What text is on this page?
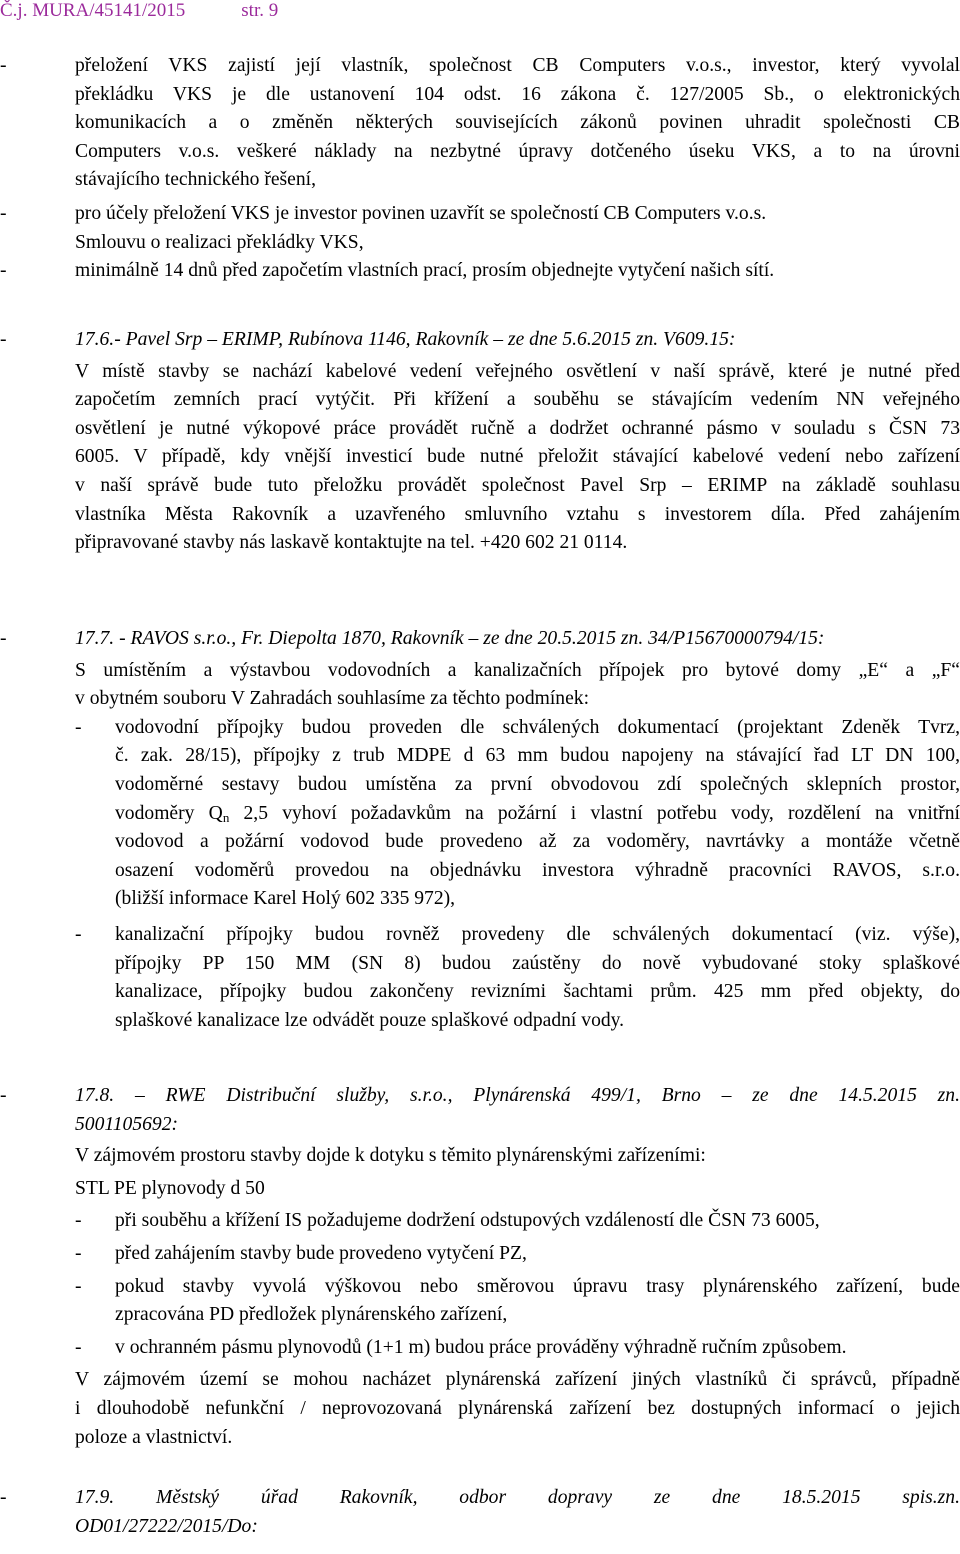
Č.j. MURA/45141/2015	str. 9
-	přeložení VKS zajistí její vlastník, společnost CB Computers v.o.s., investor, který vyvolal
překládku VKS je dle ustanovení 104 odst. 16 zákona č. 127/2005 Sb., o elektronických
komunikacích a o změněn některých souvisejících zákonů povinen uhradit společnosti CB
Computers v.o.s. veškeré náklady na nezbytné úpravy dotčeného úseku VKS, a to na úrovni
stávajícího technického řešení,
-	pro účely přeložení VKS je investor povinen uzavřít se společností CB Computers v.o.s.
Smlouvu o realizaci překládky VKS,
-	minimálně 14 dnů před započetím vlastních prací, prosím objednejte vytyčení našich sítí.
-	17.6.- Pavel Srp – ERIMP, Rubínova 1146, Rakovník – ze dne 5.6.2015 zn. V609.15:
V místě stavby se nachází kabelové vedení veřejného osvětlení v naší správě, které je nutné před
započetím zemních prací vytýčit. Při křížení a souběhu se stávajícím vedením NN veřejného
osvětlení je nutné výkopové práce provádět ručně a dodržet ochranné pásmo v souladu s ČSN 73
6005. V případě, kdy vnější investicí bude nutné přeložit stávající kabelové vedení nebo zařízení
v naší správě bude tuto přeložku provádět společnost Pavel Srp – ERIMP na základě souhlasu
vlastníka Města Rakovník a uzavřeného smluvního vztahu s investorem díla. Před zahájením
připravované stavby nás laskavě kontaktujte na tel. +420 602 21 0114.
-	17.7. - RAVOS s.r.o., Fr. Diepolta 1870, Rakovník – ze dne 20.5.2015 zn. 34/P15670000794/15:
S umístěním a výstavbou vodovodních a kanalizačních přípojek pro bytové domy „E“ a „F“
v obytném souboru V Zahradách souhlasíme za těchto podmínek:
-	vodovodní přípojky budou proveden dle schválených dokumentací (projektant Zdeněk Tvrz,
č. zak. 28/15), přípojky z trub MDPE d 63 mm budou napojeny na stávající řad LT DN 100,
vodoměrné sestavy budou umístěna za první obvodovou zdí společných sklepních prostor,
vodoměry $Q_n$ 2,5 vyhoví požadavkům na požární i vlastní potřebu vody, rozdělení na vnitřní
vodovod a požární vodovod bude provedeno až za vodoměry, navrtávky a montáže včetně
osazení vodoměrů provedou na objednávku investora výhradně pracovníci RAVOS, s.r.o.
(bližší informace Karel Holý 602 335 972),
-	kanalizační přípojky budou rovněž provedeny dle schválených dokumentací (viz. výše),
přípojky PP 150 MM (SN 8) budou zaústěny do nově vybudované stoky splaškové
kanalizace, přípojky budou zakončeny revizními šachtami prům. 425 mm před objekty, do
splaškové kanalizace lze odvádět pouze splaškové odpadní vody.
-	17.8. – RWE Distribuční služby, s.r.o., Plynárenská 499/1, Brno – ze dne 14.5.2015 zn.
5001105692:
V zájmovém prostoru stavby dojde k dotyku s těmito plynárenskými zařízeními:
STL PE plynovody d 50
-	při souběhu a křížení IS požadujeme dodržení odstupových vzdáleností dle ČSN 73 6005,
-	před zahájením stavby bude provedeno vytyčení PZ,
-	pokud stavby vyvolá výškovou nebo směrovou úpravu trasy plynárenského zařízení, bude
zpracována PD předložek plynárenského zařízení,
-	v ochranném pásmu plynovodů (1+1 m) budou práce prováděny výhradně ručním způsobem.
V zájmovém území se mohou nacházet plynárenská zařízení jiných vlastníků či správců, případně
i dlouhodobě nefunkční / neprovozovaná plynárenská zařízení bez dostupných informací o jejich
poloze a vlastnictví.
-	17.9. Městský úřad Rakovník, odbor dopravy ze dne 18.5.2015 spis.zn.
OD01/27222/2015/Do:
